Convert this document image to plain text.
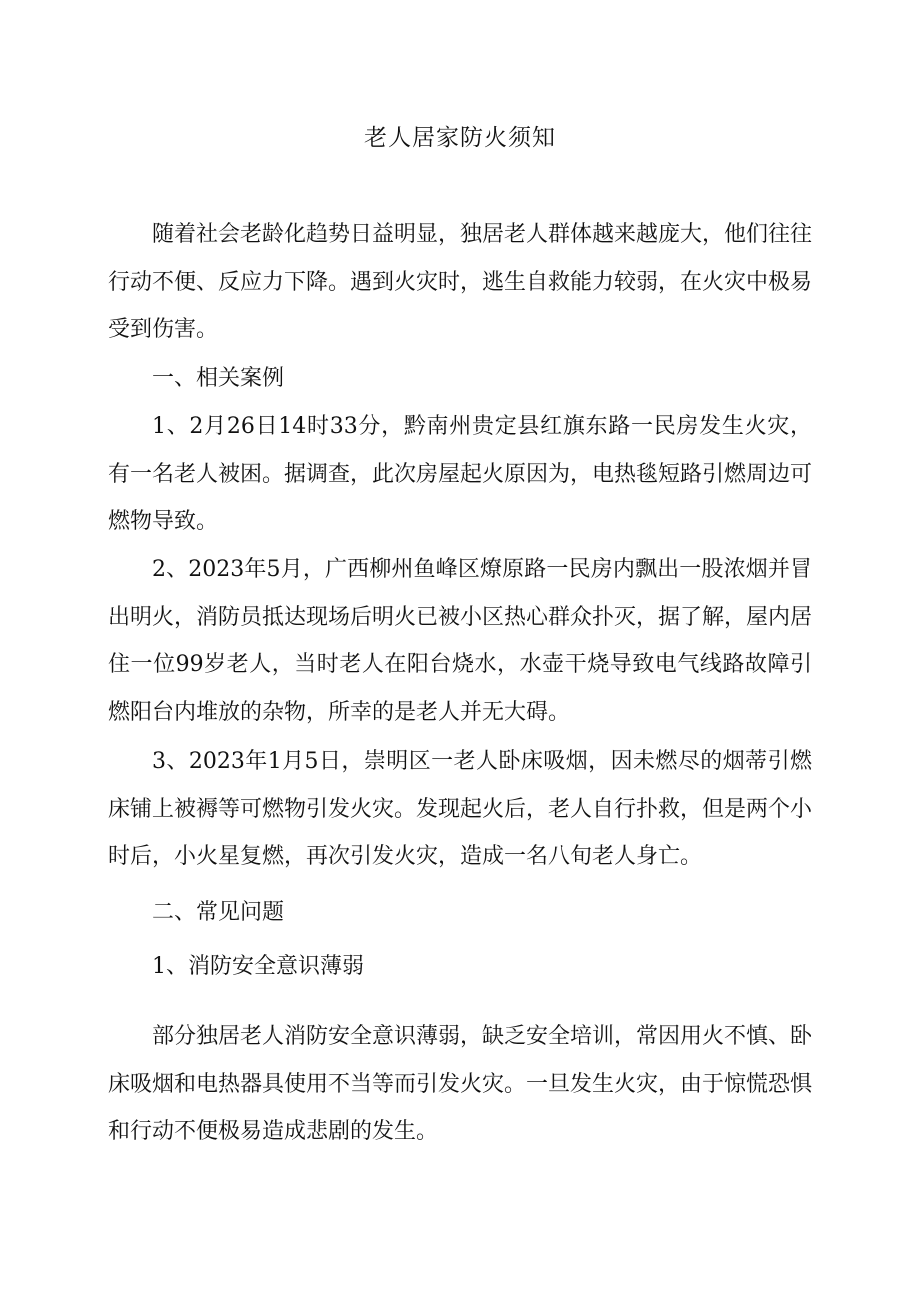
老人居家防火须知

随着社会老龄化趋势日益明显，独居老人群体越来越庞大，他们往往行动不便、反应力下降。遇到火灾时，逃生自救能力较弱，在火灾中极易受到伤害。

一、相关案例

1、2月26日14时33分，黔南州贵定县红旗东路一民房发生火灾，有一名老人被困。据调查，此次房屋起火原因为，电热毯短路引燃周边可燃物导致。

2、2023年5月，广西柳州鱼峰区燎原路一民房内飘出一股浓烟并冒出明火，消防员抵达现场后明火已被小区热心群众扑灭，据了解，屋内居住一位99岁老人，当时老人在阳台烧水，水壶干烧导致电气线路故障引燃阳台内堆放的杂物，所幸的是老人并无大碍。

3、2023年1月5日，崇明区一老人卧床吸烟，因未燃尽的烟蒂引燃床铺上被褥等可燃物引发火灾。发现起火后，老人自行扑救，但是两个小时后，小火星复燃，再次引发火灾，造成一名八旬老人身亡。

二、常见问题

1、消防安全意识薄弱

部分独居老人消防安全意识薄弱，缺乏安全培训，常因用火不慎、卧床吸烟和电热器具使用不当等而引发火灾。一旦发生火灾，由于惊慌恐惧和行动不便极易造成悲剧的发生。
